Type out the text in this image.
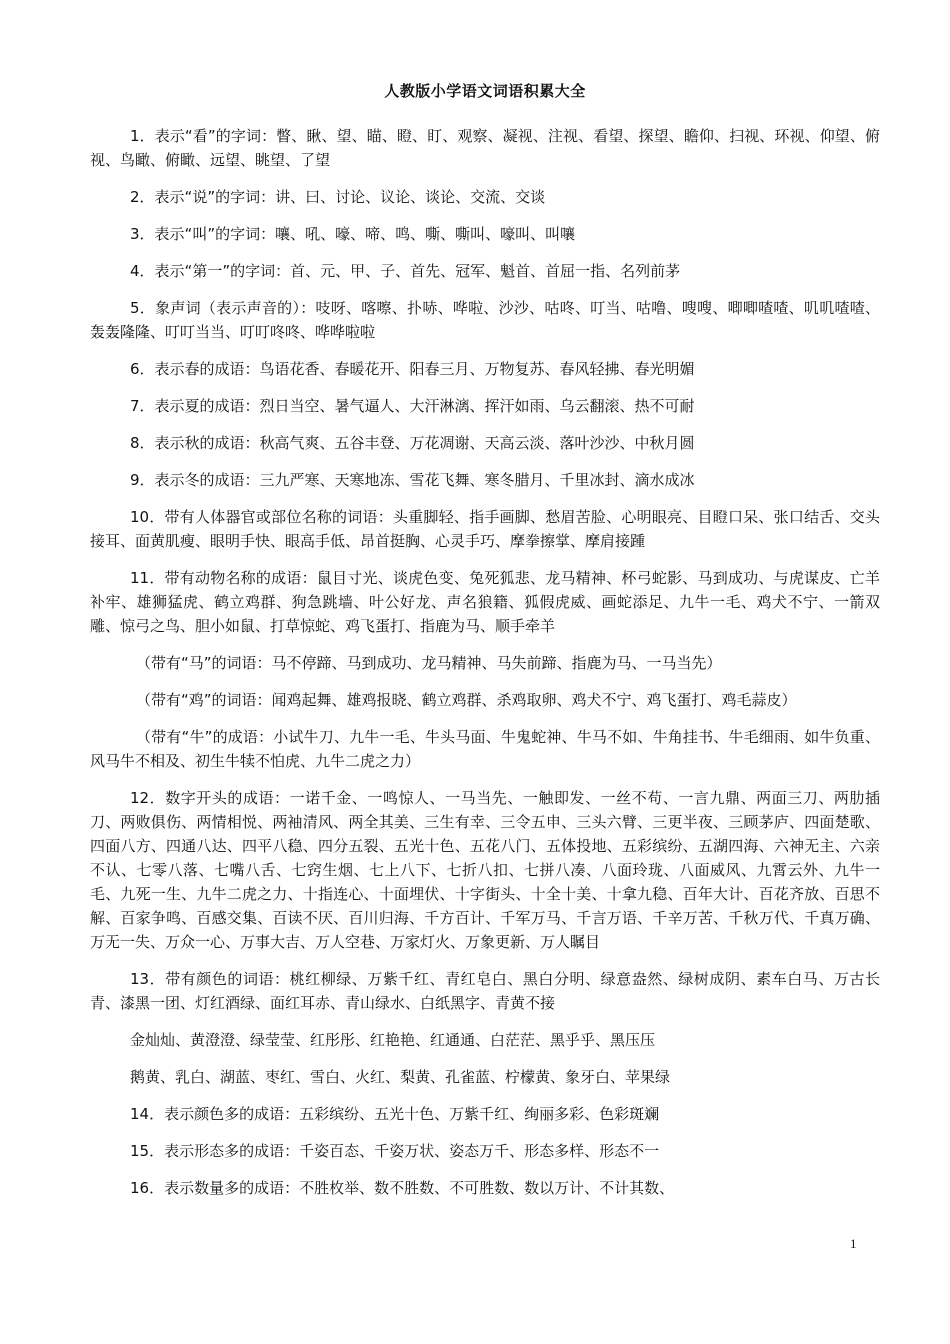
人教版小学语文词语积累大全

1．表示“看”的字词：瞥、瞅、望、瞄、瞪、盯、观察、凝视、注视、看望、探望、瞻仰、扫视、环视、仰望、俯视、鸟瞰、俯瞰、远望、眺望、了望

2．表示“说”的字词：讲、曰、讨论、议论、谈论、交流、交谈

3．表示“叫”的字词：嚷、吼、嚎、啼、鸣、嘶、嘶叫、嚎叫、叫嚷

4．表示“第一”的字词：首、元、甲、子、首先、冠军、魁首、首屈一指、名列前茅

5．象声词（表示声音的）：吱呀、喀嚓、扑哧、哗啦、沙沙、咕咚、叮当、咕噜、嗖嗖、唧唧喳喳、叽叽喳喳、轰轰隆隆、叮叮当当、叮叮咚咚、哗哗啦啦

6．表示春的成语：鸟语花香、春暖花开、阳春三月、万物复苏、春风轻拂、春光明媚

7．表示夏的成语：烈日当空、暑气逼人、大汗淋漓、挥汗如雨、乌云翻滚、热不可耐

8．表示秋的成语：秋高气爽、五谷丰登、万花凋谢、天高云淡、落叶沙沙、中秋月圆

9．表示冬的成语：三九严寒、天寒地冻、雪花飞舞、寒冬腊月、千里冰封、滴水成冰

10．带有人体器官或部位名称的词语：头重脚轻、指手画脚、愁眉苦脸、心明眼亮、目瞪口呆、张口结舌、交头接耳、面黄肌瘦、眼明手快、眼高手低、昂首挺胸、心灵手巧、摩拳擦掌、摩肩接踵

11．带有动物名称的成语：鼠目寸光、谈虎色变、兔死狐悲、龙马精神、杯弓蛇影、马到成功、与虎谋皮、亡羊补牢、雄狮猛虎、鹤立鸡群、狗急跳墙、叶公好龙、声名狼籍、狐假虎威、画蛇添足、九牛一毛、鸡犬不宁、一箭双雕、惊弓之鸟、胆小如鼠、打草惊蛇、鸡飞蛋打、指鹿为马、顺手牵羊

（带有“马”的词语：马不停蹄、马到成功、龙马精神、马失前蹄、指鹿为马、一马当先）

（带有“鸡”的词语：闻鸡起舞、雄鸡报晓、鹤立鸡群、杀鸡取卵、鸡犬不宁、鸡飞蛋打、鸡毛蒜皮）

（带有“牛”的成语：小试牛刀、九牛一毛、牛头马面、牛鬼蛇神、牛马不如、牛角挂书、牛毛细雨、如牛负重、风马牛不相及、初生牛犊不怕虎、九牛二虎之力）

12．数字开头的成语：一诺千金、一鸣惊人、一马当先、一触即发、一丝不苟、一言九鼎、两面三刀、两肋插刀、两败俱伤、两情相悦、两袖清风、两全其美、三生有幸、三令五申、三头六臂、三更半夜、三顾茅庐、四面楚歌、四面八方、四通八达、四平八稳、四分五裂、五光十色、五花八门、五体投地、五彩缤纷、五湖四海、六神无主、六亲不认、七零八落、七嘴八舌、七窍生烟、七上八下、七折八扣、七拼八凑、八面玲珑、八面威风、九霄云外、九牛一毛、九死一生、九牛二虎之力、十指连心、十面埋伏、十字街头、十全十美、十拿九稳、百年大计、百花齐放、百思不解、百家争鸣、百感交集、百读不厌、百川归海、千方百计、千军万马、千言万语、千辛万苦、千秋万代、千真万确、万无一失、万众一心、万事大吉、万人空巷、万家灯火、万象更新、万人瞩目

13．带有颜色的词语：桃红柳绿、万紫千红、青红皂白、黑白分明、绿意盎然、绿树成阴、素车白马、万古长青、漆黑一团、灯红酒绿、面红耳赤、青山绿水、白纸黑字、青黄不接

金灿灿、黄澄澄、绿莹莹、红彤彤、红艳艳、红通通、白茫茫、黑乎乎、黑压压

鹅黄、乳白、湖蓝、枣红、雪白、火红、梨黄、孔雀蓝、柠檬黄、象牙白、苹果绿

14．表示颜色多的成语：五彩缤纷、五光十色、万紫千红、绚丽多彩、色彩斑斓

15．表示形态多的成语：千姿百态、千姿万状、姿态万千、形态多样、形态不一

16．表示数量多的成语：不胜枚举、数不胜数、不可胜数、数以万计、不计其数、

1
